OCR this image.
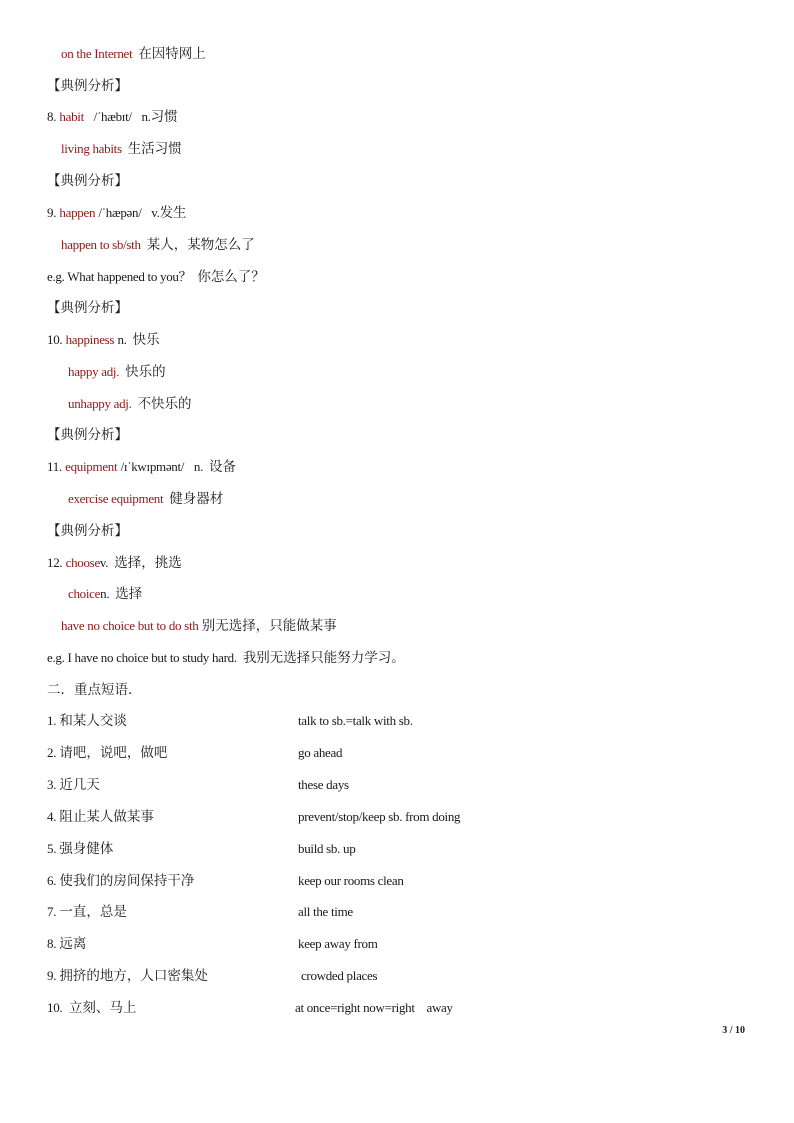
on the Internet 在因特网上
【典例分析】
8. habit /ˈhæbɪt/ n.习惯
living habits 生活习惯
【典例分析】
9. happen /ˈhæpən/ v.发生
happen to sb/sth 某人，某物怎么了
e.g. What happened to you？ 你怎么了？
【典例分析】
10. happiness n. 快乐
happy adj. 快乐的
unhappy adj. 不快乐的
【典例分析】
11. equipment /ɪˈkwɪpmənt/ n. 设备
exercise equipment 健身器材
【典例分析】
12. choosev. 选择，挑选
choicen. 选择
have no choice but to do sth 别无选择，只能做某事
e.g. I have no choice but to study hard. 我别无选择只能努力学习。
二．重点短语.
1. 和某人交谈	talk to sb.=talk with sb.
2. 请吧，说吧，做吧	go ahead
3. 近几天	these days
4. 阻止某人做某事	prevent/stop/keep sb. from doing
5. 强身健体	build sb. up
6. 使我们的房间保持干净	keep our rooms clean
7. 一直，总是	all the time
8. 远离	keep away from
9. 拥挤的地方，人口密集处	crowded places
10. 立刻、马上	at once=right now=right    away
3 / 10
